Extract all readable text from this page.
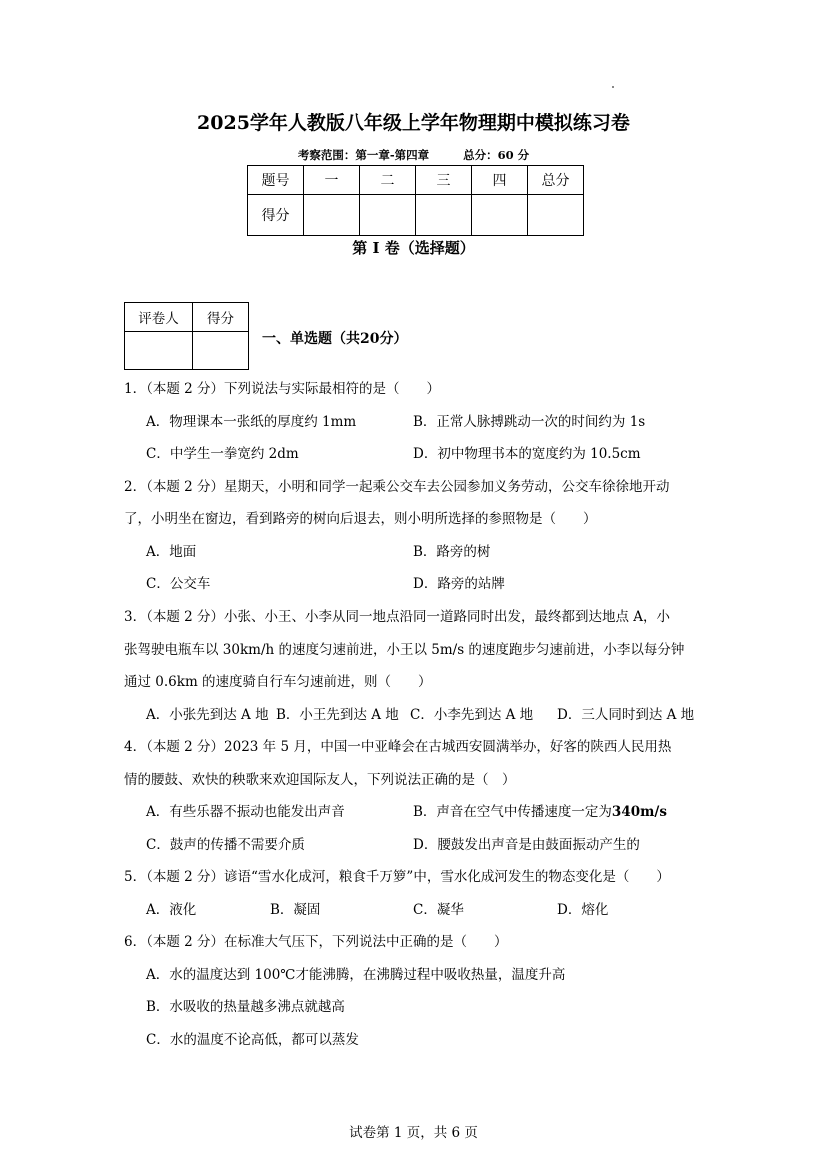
2025学年人教版八年级上学年物理期中模拟练习卷
考察范围：第一章-第四章	总分：60 分
题号	一	二	三	四	总分
得分					
第 I 卷（选择题）
评卷人	得分

一、单选题（共20分）
1．（本题 2 分）下列说法与实际最相符的是（　　）
A．物理课本一张纸的厚度约 1mm	B．正常人脉搏跳动一次的时间约为 1s
C．中学生一拳宽约 2dm	D．初中物理书本的宽度约为 10.5cm
2．（本题 2 分）星期天，小明和同学一起乘公交车去公园参加义务劳动，公交车徐徐地开动
了，小明坐在窗边，看到路旁的树向后退去，则小明所选择的参照物是（　　）
A．地面	B．路旁的树
C．公交车	D．路旁的站牌
3．（本题 2 分）小张、小王、小李从同一地点沿同一道路同时出发，最终都到达地点 A，小
张驾驶电瓶车以 30km/h 的速度匀速前进，小王以 5m/s 的速度跑步匀速前进，小李以每分钟
通过 0.6km 的速度骑自行车匀速前进，则（　　）
A．小张先到达 A 地 B．小王先到达 A 地 C．小李先到达 A 地 D．三人同时到达 A 地
4．（本题 2 分）2023 年 5 月，中国一中亚峰会在古城西安圆满举办，好客的陕西人民用热
情的腰鼓、欢快的秧歌来欢迎国际友人，下列说法正确的是（　）
A．有些乐器不振动也能发出声音	B．声音在空气中传播速度一定为340m/s
C．鼓声的传播不需要介质	D．腰鼓发出声音是由鼓面振动产生的
5．（本题 2 分）谚语“雪水化成河，粮食千万箩”中，雪水化成河发生的物态变化是（　　）
A．液化	B．凝固	C．凝华	D．熔化
6．（本题 2 分）在标准大气压下，下列说法中正确的是（　　）
A．水的温度达到 100℃才能沸腾，在沸腾过程中吸收热量，温度升高
B．水吸收的热量越多沸点就越高
C．水的温度不论高低，都可以蒸发
试卷第 1 页，共 6 页
